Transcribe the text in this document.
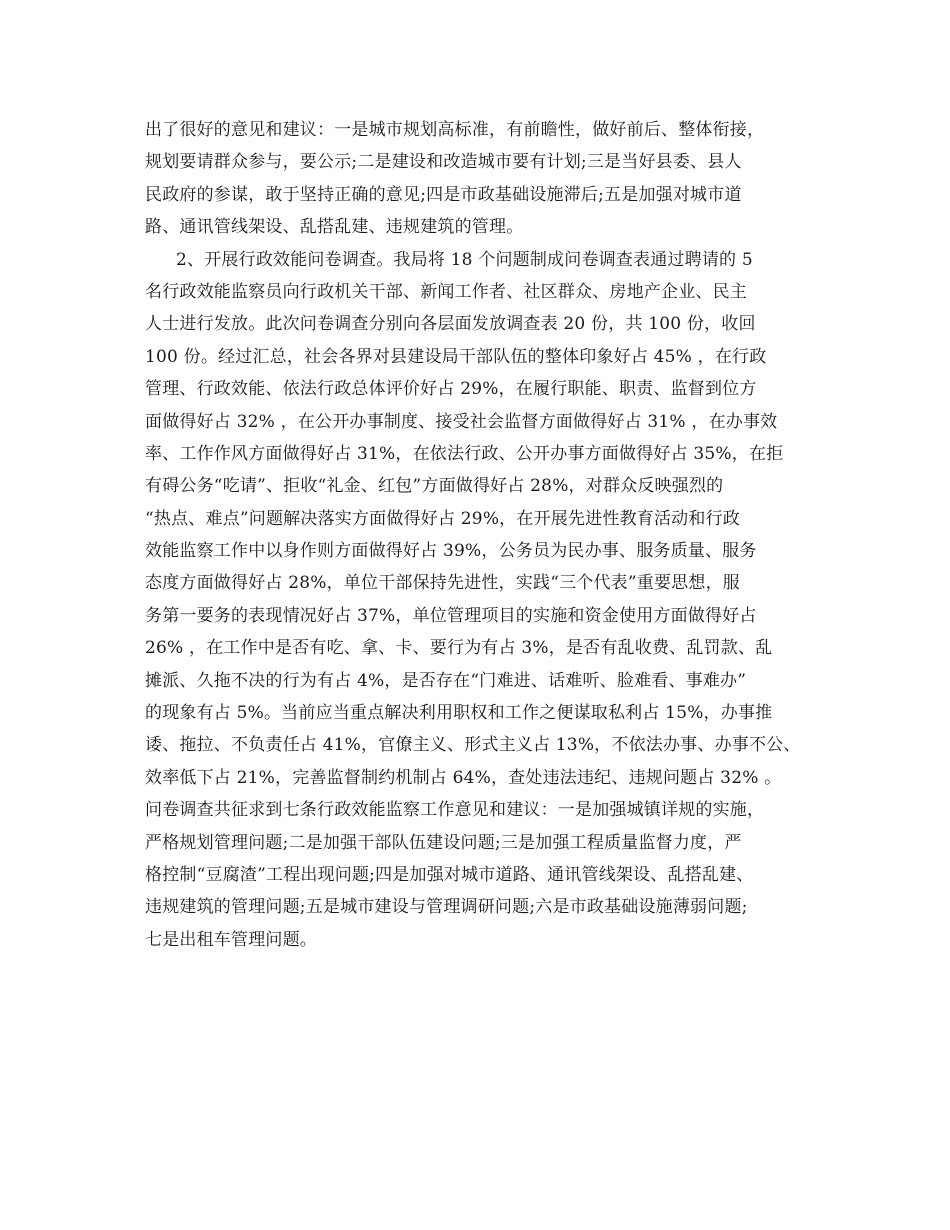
出了很好的意见和建议：一是城市规划高标准，有前瞻性，做好前后、整体衔接，
规划要请群众参与，要公示;二是建设和改造城市要有计划;三是当好县委、县人
民政府的参谋，敢于坚持正确的意见;四是市政基础设施滞后;五是加强对城市道
路、通讯管线架设、乱搭乱建、违规建筑的管理。
2、开展行政效能问卷调查。我局将 18 个问题制成问卷调查表通过聘请的 5
名行政效能监察员向行政机关干部、新闻工作者、社区群众、房地产企业、民主
人士进行发放。此次问卷调查分别向各层面发放调查表 20 份，共 100 份，收回
100 份。经过汇总，社会各界对县建设局干部队伍的整体印象好占 45% ，在行政
管理、行政效能、依法行政总体评价好占 29%，在履行职能、职责、监督到位方
面做得好占 32% ，在公开办事制度、接受社会监督方面做得好占 31% ，在办事效
率、工作作风方面做得好占 31%，在依法行政、公开办事方面做得好占 35%，在拒
有碍公务“吃请”、拒收“礼金、红包”方面做得好占 28%，对群众反映强烈的
“热点、难点”问题解决落实方面做得好占 29%，在开展先进性教育活动和行政
效能监察工作中以身作则方面做得好占 39%，公务员为民办事、服务质量、服务
态度方面做得好占 28%，单位干部保持先进性，实践“三个代表”重要思想，服
务第一要务的表现情况好占 37%，单位管理项目的实施和资金使用方面做得好占
26% ，在工作中是否有吃、拿、卡、要行为有占 3%，是否有乱收费、乱罚款、乱
摊派、久拖不决的行为有占 4%，是否存在“门难进、话难听、脸难看、事难办”
的现象有占 5%。当前应当重点解决利用职权和工作之便谋取私利占 15%，办事推
诿、拖拉、不负责任占 41%，官僚主义、形式主义占 13%，不依法办事、办事不公、
效率低下占 21%，完善监督制约机制占 64%，查处违法违纪、违规问题占 32% 。
问卷调查共征求到七条行政效能监察工作意见和建议：一是加强城镇详规的实施，
严格规划管理问题;二是加强干部队伍建设问题;三是加强工程质量监督力度，严
格控制“豆腐渣”工程出现问题;四是加强对城市道路、通讯管线架设、乱搭乱建、
违规建筑的管理问题;五是城市建设与管理调研问题;六是市政基础设施薄弱问题;
七是出租车管理问题。
